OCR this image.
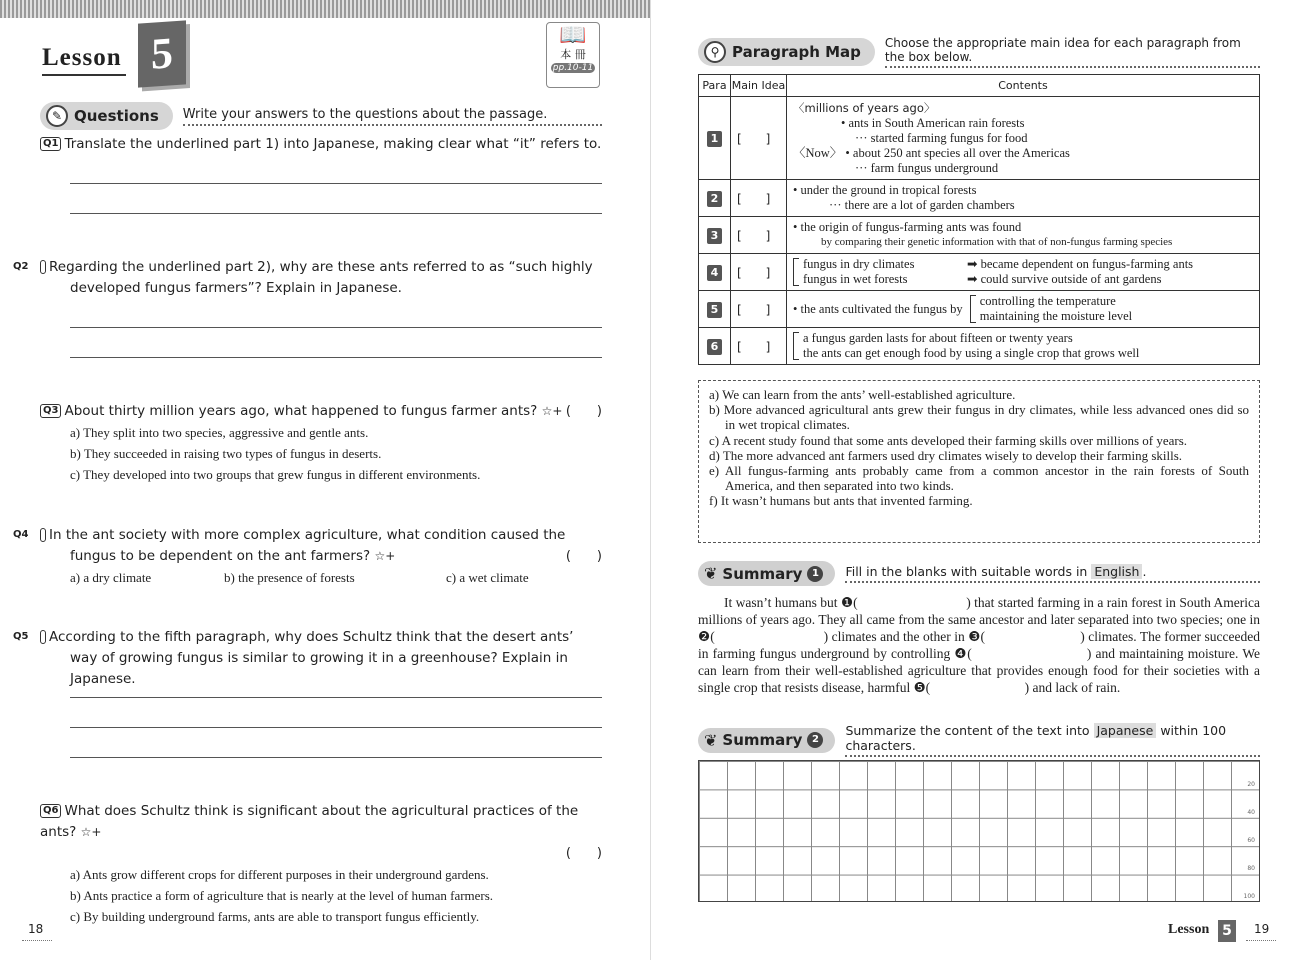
Lesson 5	📖
本 冊
pp.10-11
✎ Questions Write your answers to the questions about the passage.
Q1 Translate the underlined part 1) into Japanese, making clear what “it” refers to.
Q2 Regarding the underlined part 2), why are these ants referred to as “such highly developed fungus farmers”? Explain in Japanese.
Q3 About thirty million years ago, what happened to fungus farmer ants? ☆+ (　　)
a) They split into two species, aggressive and gentle ants.
b) They succeeded in raising two types of fungus in deserts.
c) They developed into two groups that grew fungus in different environments.
Q4 In the ant society with more complex agriculture, what condition caused the fungus to be dependent on the ant farmers? ☆+	(　　)
a) a dry climate	b) the presence of forests	c) a wet climate
Q5 According to the fifth paragraph, why does Schultz think that the desert ants’ way of growing fungus is similar to growing it in a greenhouse? Explain in Japanese.
Q6 What does Schultz think is significant about the agricultural practices of the ants? ☆+
(　　)
a) Ants grow different crops for different purposes in their underground gardens.
b) Ants practice a form of agriculture that is nearly at the level of human farmers.
c) By building underground farms, ants are able to transport fungus efficiently.
18
⚲ Paragraph Map Choose the appropriate main idea for each paragraph from the box below.
Para	Main Idea	Contents
1	[　　]	〈millions of years ago〉
• ants in South American rain forests
··· started farming fungus for food
〈Now〉 • about 250 ant species all over the Americas
··· farm fungus underground

2	[　　]	• under the ground in tropical forests
··· there are a lot of garden chambers

3	[　　]	• the origin of fungus-farming ants was found
by comparing their genetic information with that of non-fungus farming species

4	[　　]	fungus in dry climates ➡ became dependent on fungus-farming ants
fungus in wet forests ➡ could survive outside of ant gardens

5	[　　]	• the ants cultivated the fungus by
controlling the temperature
maintaining the moisture level

6	[　　]	a fungus garden lasts for about fifteen or twenty years
the ants can get enough food by using a single crop that grows well

a) We can learn from the ants’ well-established agriculture.

b) More advanced agricultural ants grew their fungus in dry climates, while less advanced ones did so in wet tropical climates.

c) A recent study found that some ants developed their farming skills over millions of years.

d) The more advanced ant farmers used dry climates wisely to develop their farming skills.

e) All fungus-farming ants probably came from a common ancestor in the rain forests of South America, and then separated into two kinds.

f) It wasn’t humans but ants that invented farming.

❦ Summary 1	Fill in the blanks with suitable words in English .
It wasn’t humans but ❶(　　　　　　　　) that started farming in a rain forest in South America millions of years ago. They all came from the same ancestor and later separated into two species; one in ❷(　　　　　　　　) climates and the other in ❸(　　　　　　　) climates. The former succeeded in farming fungus underground by controlling ❹(　　　　　　　　) and maintaining moisture. We can learn from their well-established agriculture that provides enough food for their societies with a single crop that resists disease, harmful ❺(　　　　　　　) and lack of rain.
❦ Summary 2
Summarize the content of the text into Japanese within 100 characters.
20
40
60
80
100
Lesson 5	19
